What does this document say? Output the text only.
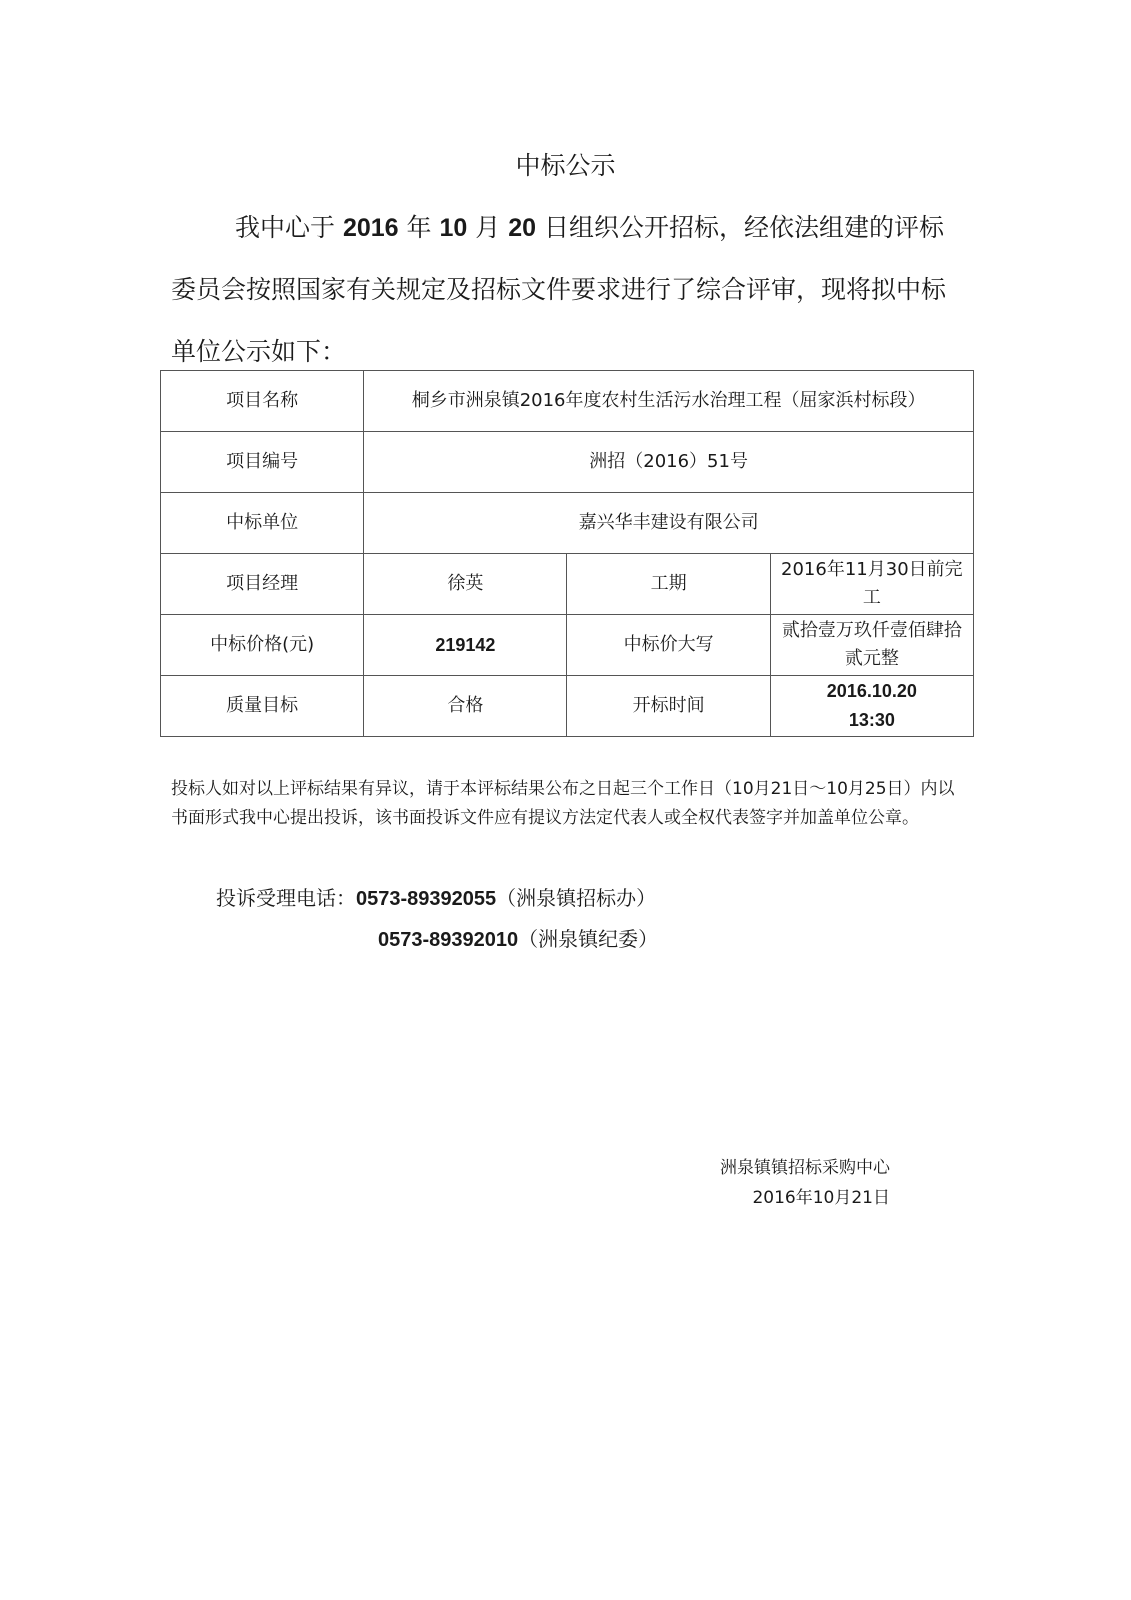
中标公示

我中心于 2016 年 10 月 20 日组织公开招标，经依法组建的评标委员会按照国家有关规定及招标文件要求进行了综合评审，现将拟中标单位公示如下：

项目名称	桐乡市洲泉镇2016年度农村生活污水治理工程（屈家浜村标段）		
项目编号	洲招（2016）51号		
中标单位	嘉兴华丰建设有限公司		
项目经理	徐英	工期	2016年11月30日前完工
中标价格(元)	219142	中标价大写	贰拾壹万玖仟壹佰肆拾贰元整
质量目标	合格	开标时间	2016.10.20
13:30

投标人如对以上评标结果有异议，请于本评标结果公布之日起三个工作日（10月21日～10月25日）内以书面形式我中心提出投诉，该书面投诉文件应有提议方法定代表人或全权代表签字并加盖单位公章。

投诉受理电话：0573-89392055（洲泉镇招标办）
0573-89392010（洲泉镇纪委）
洲泉镇镇招标采购中心
2016年10月21日
